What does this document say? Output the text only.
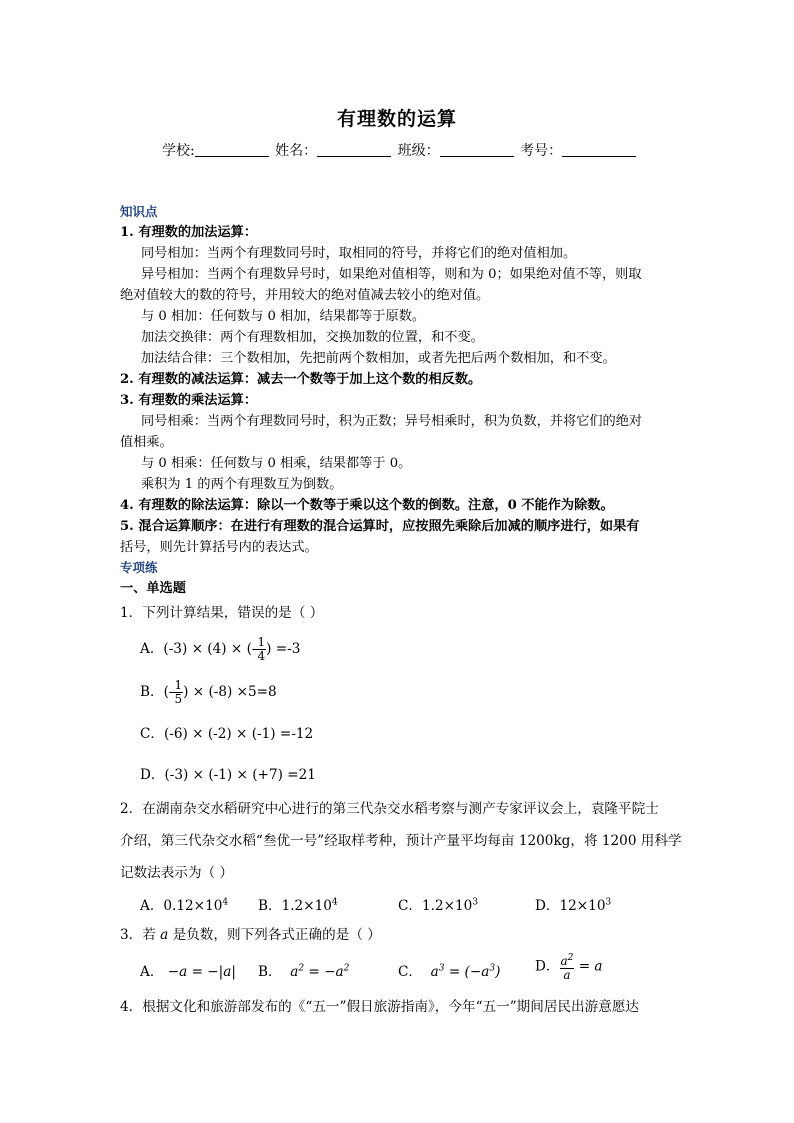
有理数的运算
学校:	姓名：	班级：	考号：
知识点
1. 有理数的加法运算：
同号相加：当两个有理数同号时，取相同的符号，并将它们的绝对值相加。
异号相加：当两个有理数异号时，如果绝对值相等，则和为 0；如果绝对值不等，则取
绝对值较大的数的符号，并用较大的绝对值减去较小的绝对值。
与 0 相加：任何数与 0 相加，结果都等于原数。
加法交换律：两个有理数相加，交换加数的位置，和不变。
加法结合律：三个数相加，先把前两个数相加，或者先把后两个数相加，和不变。
2. 有理数的减法运算：减去一个数等于加上这个数的相反数。
3. 有理数的乘法运算：
同号相乘：当两个有理数同号时，积为正数；异号相乘时，积为负数，并将它们的绝对
值相乘。
与 0 相乘：任何数与 0 相乘，结果都等于 0。
乘积为 1 的两个有理数互为倒数。
4. 有理数的除法运算：除以一个数等于乘以这个数的倒数。注意，0 不能作为除数。
5. 混合运算顺序：在进行有理数的混合运算时，应按照先乘除后加减的顺序进行，如果有
括号，则先计算括号内的表达式。
专项练
一、单选题
1．下列计算结果，错误的是（ ）
A．(-3) × (4) × (- $\frac{1}{4}$ ) =-3
B．(- $\frac{1}{5}$ ) × (-8) ×5=8
C．(-6) × (-2) × (-1) =-12
D．(-3) × (-1) × (+7) =21
2．在湖南杂交水稻研究中心进行的第三代杂交水稻考察与测产专家评议会上，袁隆平院士
介绍，第三代杂交水稻“叁优一号”经取样考种，预计产量平均每亩 1200kg，将 1200 用科学
记数法表示为（ ）
A．$0.12\times 10^4$ B．$1.2\times 10^4$	C．$1.2\times 10^3$	D．$12\times 10^3$
3．若 a 是负数，则下列各式正确的是（ ）
A． −a = −|a| B． $a^2 = -a^2$	C． $a^3 = (-a^3)$	D． $\frac{a^2}{a} = a$
4．根据文化和旅游部发布的《“五一”假日旅游指南》，今年“五一”期间居民出游意愿达
